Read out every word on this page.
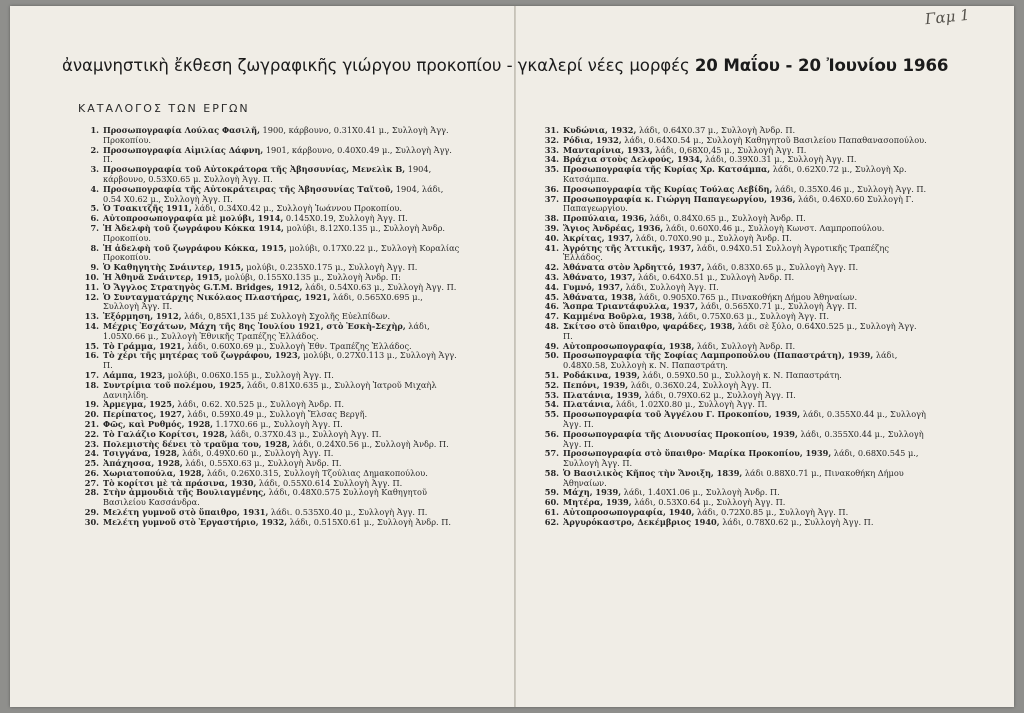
Γαμ 1
ἀναμνηστικὴ ἔκθεση ζωγραφικῆς γιώργου προκοπίου - γκαλερί νέες μορφές 20 Μαΐου - 20 Ἰουνίου 1966
ΚΑΤΑΛΟΓΟΣ ΤΩΝ ΕΡΓΩΝ
1. Προσωπογραφία Λούλας Φασιλῆ, 1900, κάρβουνο, 0.31X0.41 μ., Συλλογὴ Ἀγγ. Προκοπίου.
2. Προσωπογραφία Αἰμιλίας Δάφνη, 1901, κάρβουνο, 0.40X0.49 μ., Συλλογὴ Ἀγγ. Π.
3. Προσωπογραφία τοῦ Αὐτοκράτορα τῆς Ἀβησσυνίας, Μενελὶκ Β, 1904, κάρβουνο, 0.53X0.65 μ. Συλλογὴ Ἀγγ. Π.
4. Προσωπογραφία τῆς Αὐτοκράτειρας τῆς Ἀβησσυνίας Ταϊτοῦ, 1904, λάδι, 0.54 X0.62 μ., Συλλογὴ Ἀγγ. Π.
5. Ὁ Τσακιτζῆς 1911, λάδι, 0.34X0.42 μ., Συλλογὴ Ἰωάννου Προκοπίου.
6. Αὐτοπροσωπογραφία μὲ μολύβι, 1914, 0.145X0.19, Συλλογὴ Ἀγγ. Π.
7. Ἡ Ἀδελφὴ τοῦ ζωγράφου Κόκκα 1914, μολύβι, 8.12X0.135 μ., Συλλογὴ Ἀνδρ. Προκοπίου.
8. Ἡ ἀδελφὴ τοῦ ζωγράφου Κόκκα, 1915, μολύβι, 0.17X0.22 μ., Συλλογὴ Κοραλίας Προκοπίου.
9. Ὁ Καθηγητὴς Σνάιντερ, 1915, μολύβι, 0.235X0.175 μ., Συλλογὴ Ἀγγ. Π.
10. Ἡ Ἀθηνᾶ Σνάιντερ, 1915, μολύβι, 0.155X0.135 μ., Συλλογὴ Ἀνδρ. Π:
11. Ὁ Ἄγγλος Στρατηγὸς G.T.M. Bridges, 1912, λάδι, 0.54X0.63 μ., Συλλογὴ Ἀγγ. Π.
12. Ὁ Συνταγματάρχης Νικόλαος Πλαστήρας, 1921, λάδι, 0.565X0.695 μ., Συλλογὴ Ἀγγ. Π.
13. Ἐξόρμηση, 1912, λάδι, 0,85X1,135 μέ Συλλογὴ Σχολῆς Εὐελπίδων.
14. Μέχρις Ἐσχάτων, Μάχη τῆς 8ης Ἰουλίου 1921, στὸ Ἐσκὴ-Σεχὴρ, λάδι, 1.05X0.66 μ., Συλλογὴ Ἐθνικῆς Τραπέζης Ἑλλάδος.
15. Τὸ Γράμμα, 1921, λάδι, 0.60X0.69 μ., Συλλογὴ Ἐθν. Τραπέζης Ἑλλάδος.
16. Τὸ χέρι τῆς μητέρας τοῦ ζωγράφου, 1923, μολύβι, 0.27X0.113 μ., Συλλογὴ Ἀγγ. Π.
17. Λάμπα, 1923, μολύβι, 0.06X0.155 μ., Συλλογὴ Ἀγγ. Π.
18. Συντρίμια τοῦ πολέμου, 1925, λάδι, 0.81X0.635 μ., Συλλογὴ Ἰατροῦ Μιχαὴλ Δανιηλίδη.
19. Ἀρμεγμα, 1925, λάδι, 0.62. X0.525 μ., Συλλογὴ Ἀνδρ. Π.
20. Περίπατος, 1927, λάδι, 0.59X0.49 μ., Συλλογὴ Ἔλσας Βεργῆ.
21. Φῶς, καὶ Ρυθμός, 1928, 1.17X0.66 μ., Συλλογὴ Ἀγγ. Π.
22. Τὸ Γαλάζιο Κορίτσι, 1928, λάδι, 0.37X0.43 μ., Συλλογὴ Ἀγγ. Π.
23. Πολεμιστὴς δένει τὸ τραῦμα του, 1928, λάδι, 0.24X0.56 μ., Συλλογὴ Ἀνδρ. Π.
24. Τσιγγάνα, 1928, λάδι, 0.49X0.60 μ., Συλλογὴ Ἀγγ. Π.
25. Ἀπάχησσα, 1928, λάδι, 0.55X0.63 μ., Συλλογὴ Ἀνδρ. Π.
26. Χωριατοπούλα, 1928, λάδι, 0.26X0.315, Συλλογὴ Τζούλιας Δημακοπούλου.
27. Τὸ κορίτσι μὲ τὰ πράσινα, 1930, λάδι, 0.55X0.614 Συλλογὴ Ἀγγ. Π.
28. Στὴν ἀμμουδιὰ τῆς Βουλιαγμένης, λάδι, 0.48X0.575 Συλλογὴ Καθηγητοῦ Βασιλείου Κασσάνδρα.
29. Μελέτη γυμνοῦ στὸ ὕπαιθρο, 1931, λάδι. 0.535X0.40 μ., Συλλογὴ Ἀγγ. Π.
30. Μελέτη γυμνοῦ στὸ Ἐργαστήριο, 1932, λάδι, 0.515X0.61 μ., Συλλογὴ Ἀνδρ. Π.
31. Κυδώνια, 1932, λάδι, 0.64X0.37 μ., Συλλογὴ Ἀνδρ. Π.
32. Ρόδια, 1932, λάδι, 0.64X0.54 μ., Συλλογὴ Καθηγητοῦ Βασιλείου Παπαθανασοπούλου.
33. Μανταρίνια, 1933, λάδι, 0,68X0,45 μ., Συλλογὴ Ἀγγ. Π.
34. Βράχια στοὺς Δελφούς, 1934, λάδι, 0.39X0.31 μ., Συλλογὴ Ἀγγ. Π.
35. Προσωπογραφία τῆς Κυρίας Χρ. Κατσάμπα, λάδι, 0.62X0.72 μ., Συλλογὴ Χρ. Κατσάμπα.
36. Προσωπογραφία τῆς Κυρίας Τούλας Λεβίδη, λάδι, 0.35X0.46 μ., Συλλογὴ Ἀγγ. Π.
37. Προσωπογραφία κ. Γιώργη Παπαγεωργίου, 1936, λάδι, 0.46X0.60 Συλλογὴ Γ. Παπαγεωργίου.
38. Προπύλαια, 1936, λάδι, 0.84X0.65 μ., Συλλογὴ Ἀνδρ. Π.
39. Ἅγιος Ἀνδρέας, 1936, λάδι, 0.60X0.46 μ., Συλλογὴ Κωνστ. Λαμπροπούλου.
40. Ἀκρίτας, 1937, λάδι, 0.70X0.90 μ., Συλλογὴ Ἀνδρ. Π.
41. Ἀγρότης τῆς Ἀττικῆς, 1937, λάδι, 0.94X0.51 Συλλογὴ Ἀγροτικῆς Τραπέζης Ἑλλάδος.
42. Ἀθάνατα στὸν Ἀρδηττό, 1937, λάδι, 0.83X0.65 μ., Συλλογὴ Ἀγγ. Π.
43. Ἀθάνατο, 1937, λάδι, 0.64X0.51 μ., Συλλογὴ Ἀνδρ. Π.
44. Γυμνό, 1937, λάδι, Συλλογὴ Ἀγγ. Π.
45. Ἀθάνατα, 1938, λάδι, 0.905X0.765 μ., Πινακοθήκη Δήμου Ἀθηναίων.
46. Ἄσπρα Τριαντάφυλλα, 1937, λάδι, 0.565X0.71 μ., Συλλογὴ Ἀγγ. Π.
47. Καμμένα Βοῦρλα, 1938, λάδι, 0.75X0.63 μ., Συλλογὴ Ἀγγ. Π.
48. Σκίτσο στὸ ὕπαιθρο, ψαράδες, 1938, λάδι σὲ ξύλο, 0.64X0.525 μ., Συλλογὴ Ἀγγ. Π.
49. Αὐτοπροσωπογραφία, 1938, λάδι, Συλλογὴ Ἀνδρ. Π.
50. Προσωπογραφία τῆς Σοφίας Λαμπροπούλου (Παπαστράτη), 1939, λάδι, 0.48X0.58, Συλλογὴ κ. Ν. Παπαστράτη.
51. Ροδάκινα, 1939, λάδι, 0.59X0.50 μ., Συλλογὴ κ. Ν. Παπαστράτη.
52. Πεπόνι, 1939, λάδι, 0.36X0.24, Συλλογὴ Ἀγγ. Π.
53. Πλατάνια, 1939, λάδι, 0.79X0.62 μ., Συλλογὴ Ἀγγ. Π.
54. Πλατάνια, λάδι, 1.02X0.80 μ., Συλλογὴ Ἀγγ. Π.
55. Προσωπογραφία τοῦ Ἀγγέλου Γ. Προκοπίου, 1939, λάδι, 0.355X0.44 μ., Συλλογὴ Ἀγγ. Π.
56. Προσωπογραφία τῆς Διονυσίας Προκοπίου, 1939, λάδι, 0.355X0.44 μ., Συλλογὴ Ἀγγ. Π.
57. Προσωπογραφία στὸ ὕπαιθρο· Μαρίκα Προκοπίου, 1939, λάδι, 0.68X0.545 μ., Συλλογὴ Ἀγγ. Π.
58. Ὁ Βασιλικὸς Κῆπος τὴν Ἄνοιξη, 1839, λάδι 0.88X0.71 μ., Πινακοθήκη Δήμου Ἀθηναίων.
59. Μάχη, 1939, λάδι, 1.40X1.06 μ., Συλλογὴ Ἀνδρ. Π.
60. Μητέρα, 1939, λάδι, 0.53X0.64 μ., Συλλογὴ Ἀγγ. Π.
61. Αὐτοπροσωπογραφία, 1940, λάδι, 0.72X0.85 μ., Συλλογὴ Ἀγγ. Π.
62. Ἀργυρόκαστρο, Δεκέμβριος 1940, λάδι, 0.78X0.62 μ., Συλλογὴ Ἀγγ. Π.
